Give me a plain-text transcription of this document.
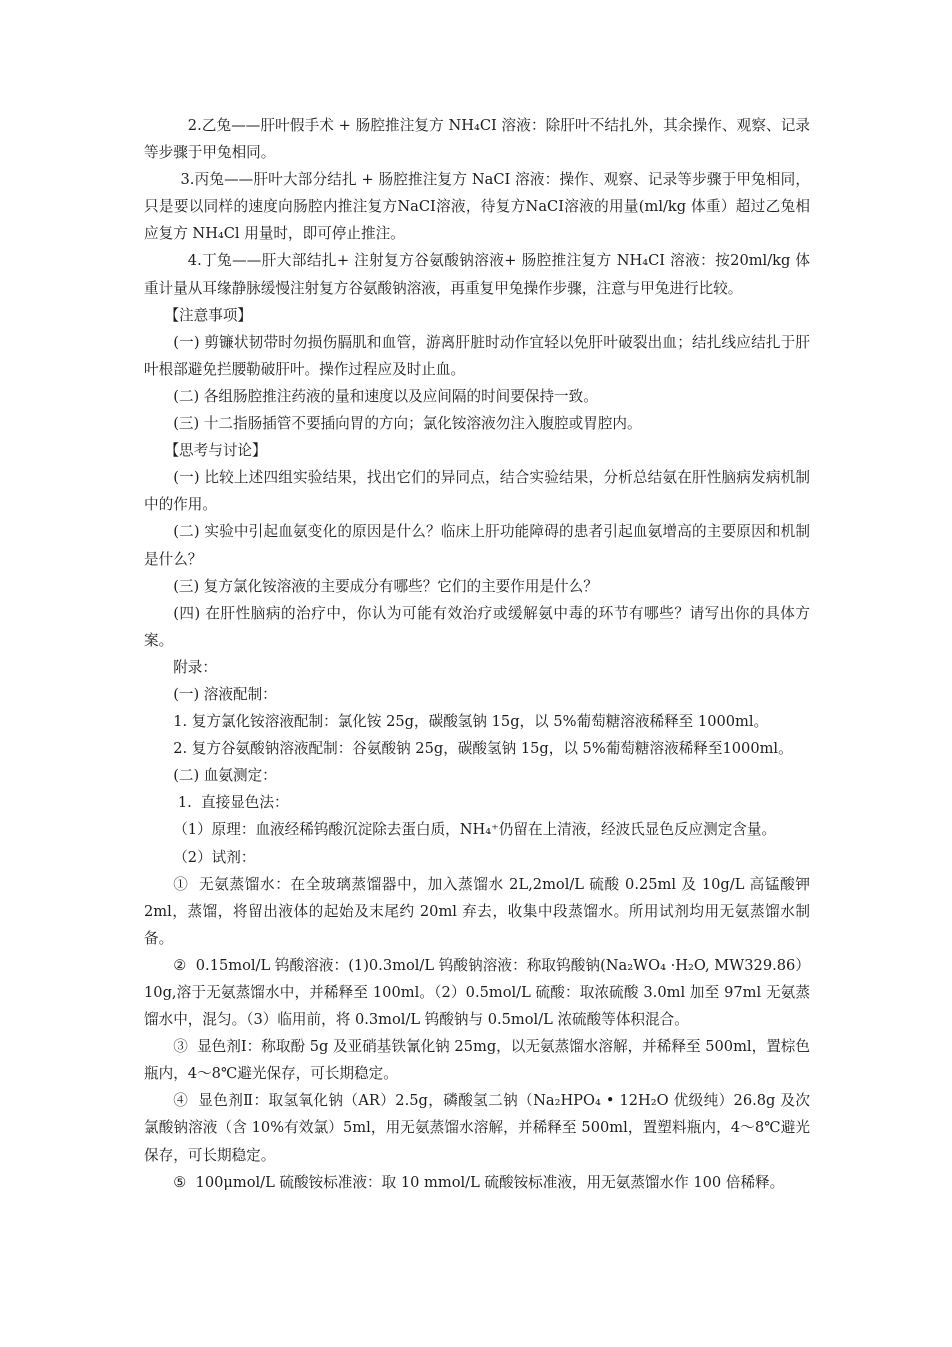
2.乙兔——肝叶假手术 + 肠腔推注复方 NH₄CI 溶液：除肝叶不结扎外，其余操作、观察、记录等步骤于甲兔相同。

3.丙兔——肝叶大部分结扎 + 肠腔推注复方 NaCI 溶液：操作、观察、记录等步骤于甲兔相同，只是要以同样的速度向肠腔内推注复方NaCI溶液，待复方NaCI溶液的用量(ml/kg 体重）超过乙兔相应复方 NH₄Cl 用量时，即可停止推注。

4.丁兔——肝大部结扎+ 注射复方谷氨酸钠溶液+ 肠腔推注复方 NH₄CI 溶液：按20ml/kg 体重计量从耳缘静脉缓慢注射复方谷氨酸钠溶液，再重复甲兔操作步骤，注意与甲兔进行比较。

【注意事项】

(一) 剪镰状韧带时勿损伤膈肌和血管，游离肝脏时动作宜轻以免肝叶破裂出血；结扎线应结扎于肝叶根部避免拦腰勒破肝叶。操作过程应及时止血。

(二) 各组肠腔推注药液的量和速度以及应间隔的时间要保持一致。

(三) 十二指肠插管不要插向胃的方向；氯化铵溶液勿注入腹腔或胃腔内。

【思考与讨论】

(一) 比较上述四组实验结果，找出它们的异同点，结合实验结果，分析总结氨在肝性脑病发病机制中的作用。

(二) 实验中引起血氨变化的原因是什么？临床上肝功能障碍的患者引起血氨增高的主要原因和机制是什么？

(三) 复方氯化铵溶液的主要成分有哪些？它们的主要作用是什么？

(四) 在肝性脑病的治疗中，你认为可能有效治疗或缓解氨中毒的环节有哪些？请写出你的具体方案。

附录：

(一) 溶液配制：

1. 复方氯化铵溶液配制：氯化铵 25g，碳酸氢钠 15g，以 5%葡萄糖溶液稀释至 1000ml。

2. 复方谷氨酸钠溶液配制：谷氨酸钠 25g，碳酸氢钠 15g，以 5%葡萄糖溶液稀释至1000ml。

(二) 血氨测定：

1.  直接显色法：

（1）原理：血液经稀钨酸沉淀除去蛋白质，NH₄⁺仍留在上清液，经波氏显色反应测定含量。

（2）试剂：

①  无氨蒸馏水：在全玻璃蒸馏器中，加入蒸馏水 2L,2mol/L 硫酸 0.25ml 及 10g/L 高锰酸钾 2ml，蒸馏，将留出液体的起始及末尾约 20ml 弃去，收集中段蒸馏水。所用试剂均用无氨蒸馏水制备。

②  0.15mol/L 钨酸溶液：(1)0.3mol/L 钨酸钠溶液：称取钨酸钠(Na₂WO₄ ·H₂O, MW329.86）10g,溶于无氨蒸馏水中，并稀释至 100ml。（2）0.5mol/L 硫酸：取浓硫酸 3.0ml 加至 97ml 无氨蒸馏水中，混匀。（3）临用前，将 0.3mol/L 钨酸钠与 0.5mol/L 浓硫酸等体积混合。

③  显色剂Ⅰ：称取酚 5g 及亚硝基铁氰化钠 25mg，以无氨蒸馏水溶解，并稀释至 500ml，置棕色瓶内，4～8℃避光保存，可长期稳定。

④  显色剂Ⅱ：取氢氧化钠（AR）2.5g，磷酸氢二钠（Na₂HPO₄ • 12H₂O 优级纯）26.8g 及次氯酸钠溶液（含 10%有效氯）5ml，用无氨蒸馏水溶解，并稀释至 500ml，置塑料瓶内，4～8℃避光保存，可长期稳定。

⑤  100μmol/L 硫酸铵标准液：取 10 mmol/L 硫酸铵标准液，用无氨蒸馏水作 100 倍稀释。
